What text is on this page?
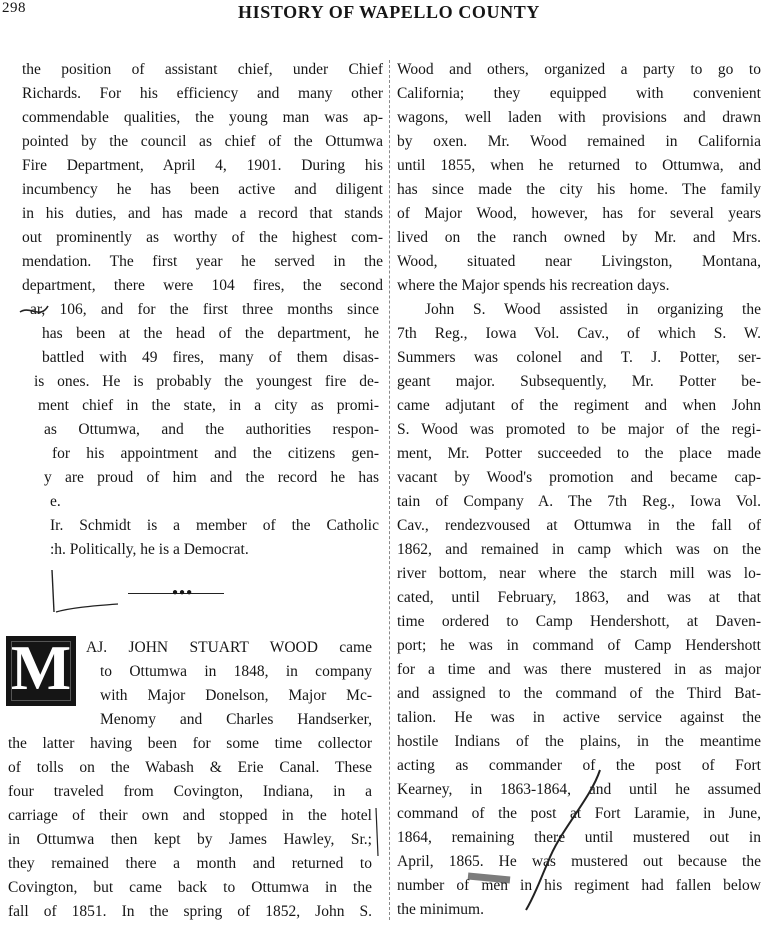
298	HISTORY OF WAPELLO COUNTY
the position of assistant chief, under Chief
Richards. For his efficiency and many other
commendable qualities, the young man was ap-
pointed by the council as chief of the Ottumwa
Fire Department, April 4, 1901. During his
incumbency he has been active and diligent
in his duties, and has made a record that stands
out prominently as worthy of the highest com-
mendation. The first year he served in the
department, there were 104 fires, the second
ar, 106, and for the first three months since
has been at the head of the department, he
battled with 49 fires, many of them disas-
is ones. He is probably the youngest fire de-
ment chief in the state, in a city as promi-
as Ottumwa, and the authorities respon-
for his appointment and the citizens gen-
y are proud of him and the record he has
e.
Ir. Schmidt is a member of the Catholic
:h. Politically, he is a Democrat.
AJ. JOHN STUART WOOD came
to Ottumwa in 1848, in company
with Major Donelson, Major Mc-
Menomy and Charles Handserker,
the latter having been for some time collector
of tolls on the Wabash & Erie Canal. These
four traveled from Covington, Indiana, in a
carriage of their own and stopped in the hotel
in Ottumwa then kept by James Hawley, Sr.;
they remained there a month and returned to
Covington, but came back to Ottumwa in the
fall of 1851. In the spring of 1852, John S.
Wood and others, organized a party to go to
California; they equipped with convenient
wagons, well laden with provisions and drawn
by oxen. Mr. Wood remained in California
until 1855, when he returned to Ottumwa, and
has since made the city his home. The family
of Major Wood, however, has for several years
lived on the ranch owned by Mr. and Mrs.
Wood, situated near Livingston, Montana,
where the Major spends his recreation days.
John S. Wood assisted in organizing the
7th Reg., Iowa Vol. Cav., of which S. W.
Summers was colonel and T. J. Potter, ser-
geant major. Subsequently, Mr. Potter be-
came adjutant of the regiment and when John
S. Wood was promoted to be major of the regi-
ment, Mr. Potter succeeded to the place made
vacant by Wood's promotion and became cap-
tain of Company A. The 7th Reg., Iowa Vol.
Cav., rendezvoused at Ottumwa in the fall of
1862, and remained in camp which was on the
river bottom, near where the starch mill was lo-
cated, until February, 1863, and was at that
time ordered to Camp Hendershott, at Daven-
port; he was in command of Camp Hendershott
for a time and was there mustered in as major
and assigned to the command of the Third Bat-
talion. He was in active service against the
hostile Indians of the plains, in the meantime
acting as commander of the post of Fort
Kearney, in 1863-1864, and until he assumed
command of the post at Fort Laramie, in June,
1864, remaining there until mustered out in
April, 1865. He was mustered out because the
number of men in his regiment had fallen below
the minimum.
●●●
M
